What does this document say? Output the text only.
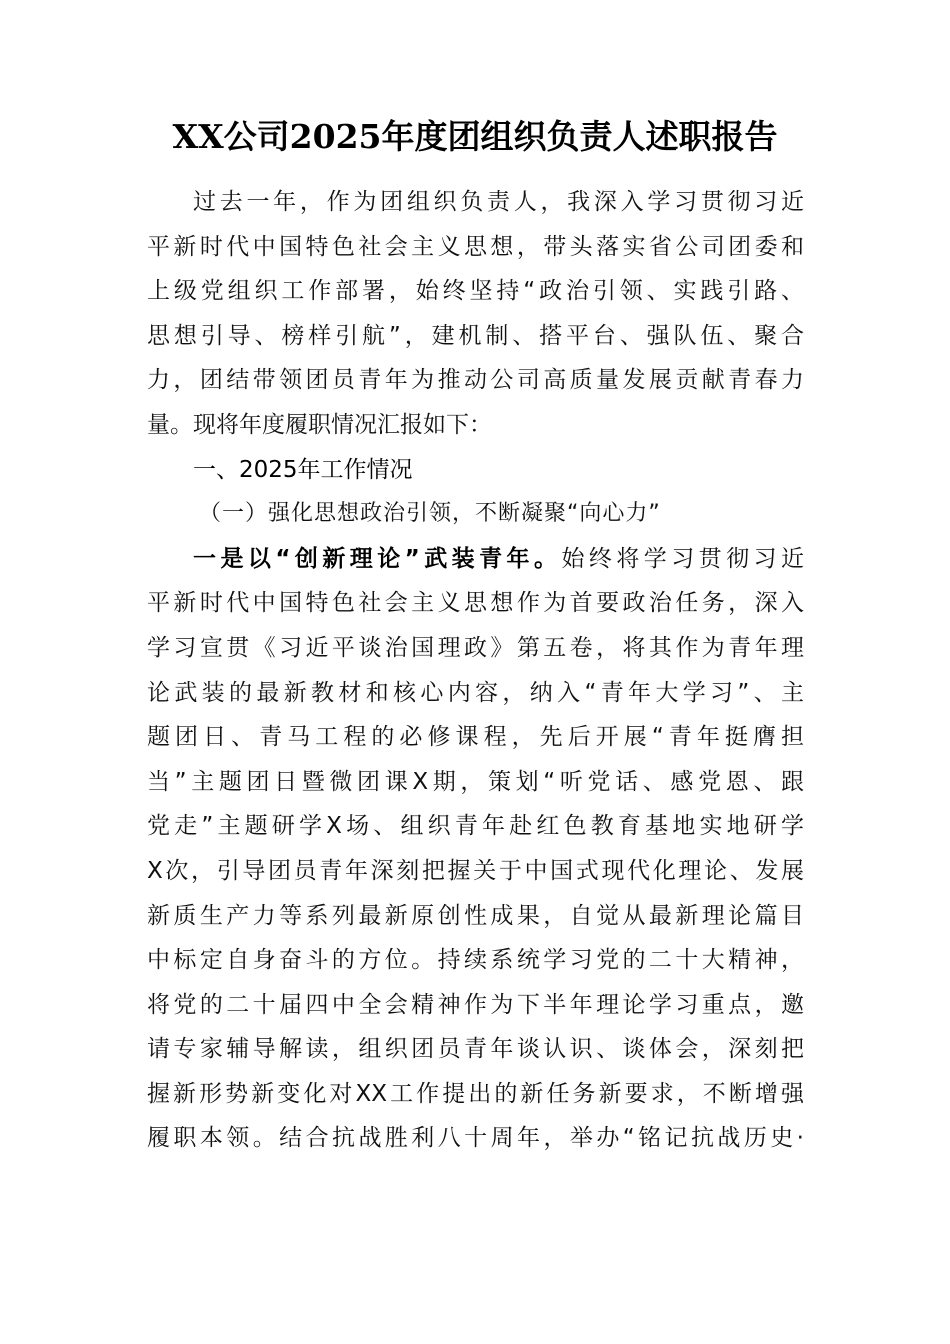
XX公司2025年度团组织负责人述职报告
过去一年，作为团组织负责人，我深入学习贯彻习近
平新时代中国特色社会主义思想，带头落实省公司团委和
上级党组织工作部署，始终坚持“政治引领、实践引路、
思想引导、榜样引航”，建机制、搭平台、强队伍、聚合
力，团结带领团员青年为推动公司高质量发展贡献青春力
量。现将年度履职情况汇报如下：
一、2025年工作情况
（一）强化思想政治引领，不断凝聚“向心力”
一是以“创新理论”武装青年。始终将学习贯彻习近
平新时代中国特色社会主义思想作为首要政治任务，深入
学习宣贯《习近平谈治国理政》第五卷，将其作为青年理
论武装的最新教材和核心内容，纳入“青年大学习”、主
题团日、青马工程的必修课程，先后开展“青年挺膺担
当”主题团日暨微团课X期，策划“听党话、感党恩、跟
党走”主题研学X场、组织青年赴红色教育基地实地研学
X次，引导团员青年深刻把握关于中国式现代化理论、发展
新质生产力等系列最新原创性成果，自觉从最新理论篇目
中标定自身奋斗的方位。持续系统学习党的二十大精神，
将党的二十届四中全会精神作为下半年理论学习重点，邀
请专家辅导解读，组织团员青年谈认识、谈体会，深刻把
握新形势新变化对XX工作提出的新任务新要求，不断增强
履职本领。结合抗战胜利八十周年，举办“铭记抗战历史·
